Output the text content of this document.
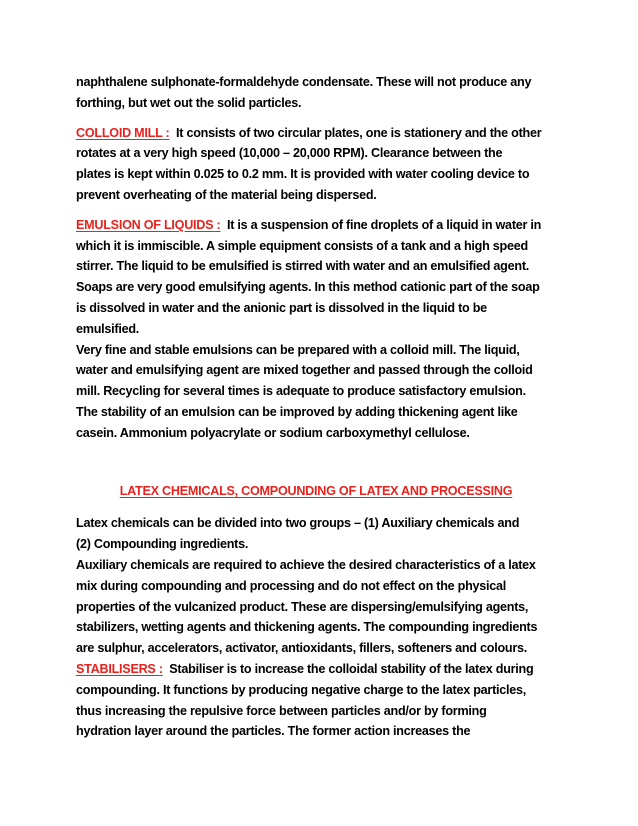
naphthalene sulphonate-formaldehyde condensate. These will not produce any
forthing, but wet out the solid particles.

COLLOID MILL :  It consists of two circular plates, one is stationery and the other
rotates at a very high speed (10,000 – 20,000 RPM). Clearance between the
plates is kept within 0.025 to 0.2 mm. It is provided with water cooling device to
prevent overheating of the material being dispersed.

EMULSION OF LIQUIDS :  It is a suspension of fine droplets of a liquid in water in
which it is immiscible. A simple equipment consists of a tank and a high speed
stirrer. The liquid to be emulsified is stirred with water and an emulsified agent.
Soaps are very good emulsifying agents. In this method cationic part of the soap
is dissolved in water and the anionic part is dissolved in the liquid to be
emulsified.
Very fine and stable emulsions can be prepared with a colloid mill. The liquid,
water and emulsifying agent are mixed together and passed through the colloid
mill. Recycling for several times is adequate to produce satisfactory emulsion.
The stability of an emulsion can be improved by adding thickening agent like
casein. Ammonium polyacrylate or sodium carboxymethyl cellulose.

LATEX CHEMICALS, COMPOUNDING OF LATEX AND PROCESSING

Latex chemicals can be divided into two groups – (1) Auxiliary chemicals and
(2) Compounding ingredients.
Auxiliary chemicals are required to achieve the desired characteristics of a latex
mix during compounding and processing and do not effect on the physical
properties of the vulcanized product. These are dispersing/emulsifying agents,
stabilizers, wetting agents and thickening agents. The compounding ingredients
are sulphur, accelerators, activator, antioxidants, fillers, softeners and colours.

STABILISERS :  Stabiliser is to increase the colloidal stability of the latex during
compounding. It functions by producing negative charge to the latex particles,
thus increasing the repulsive force between particles and/or by forming
hydration layer around the particles. The former action increases the
